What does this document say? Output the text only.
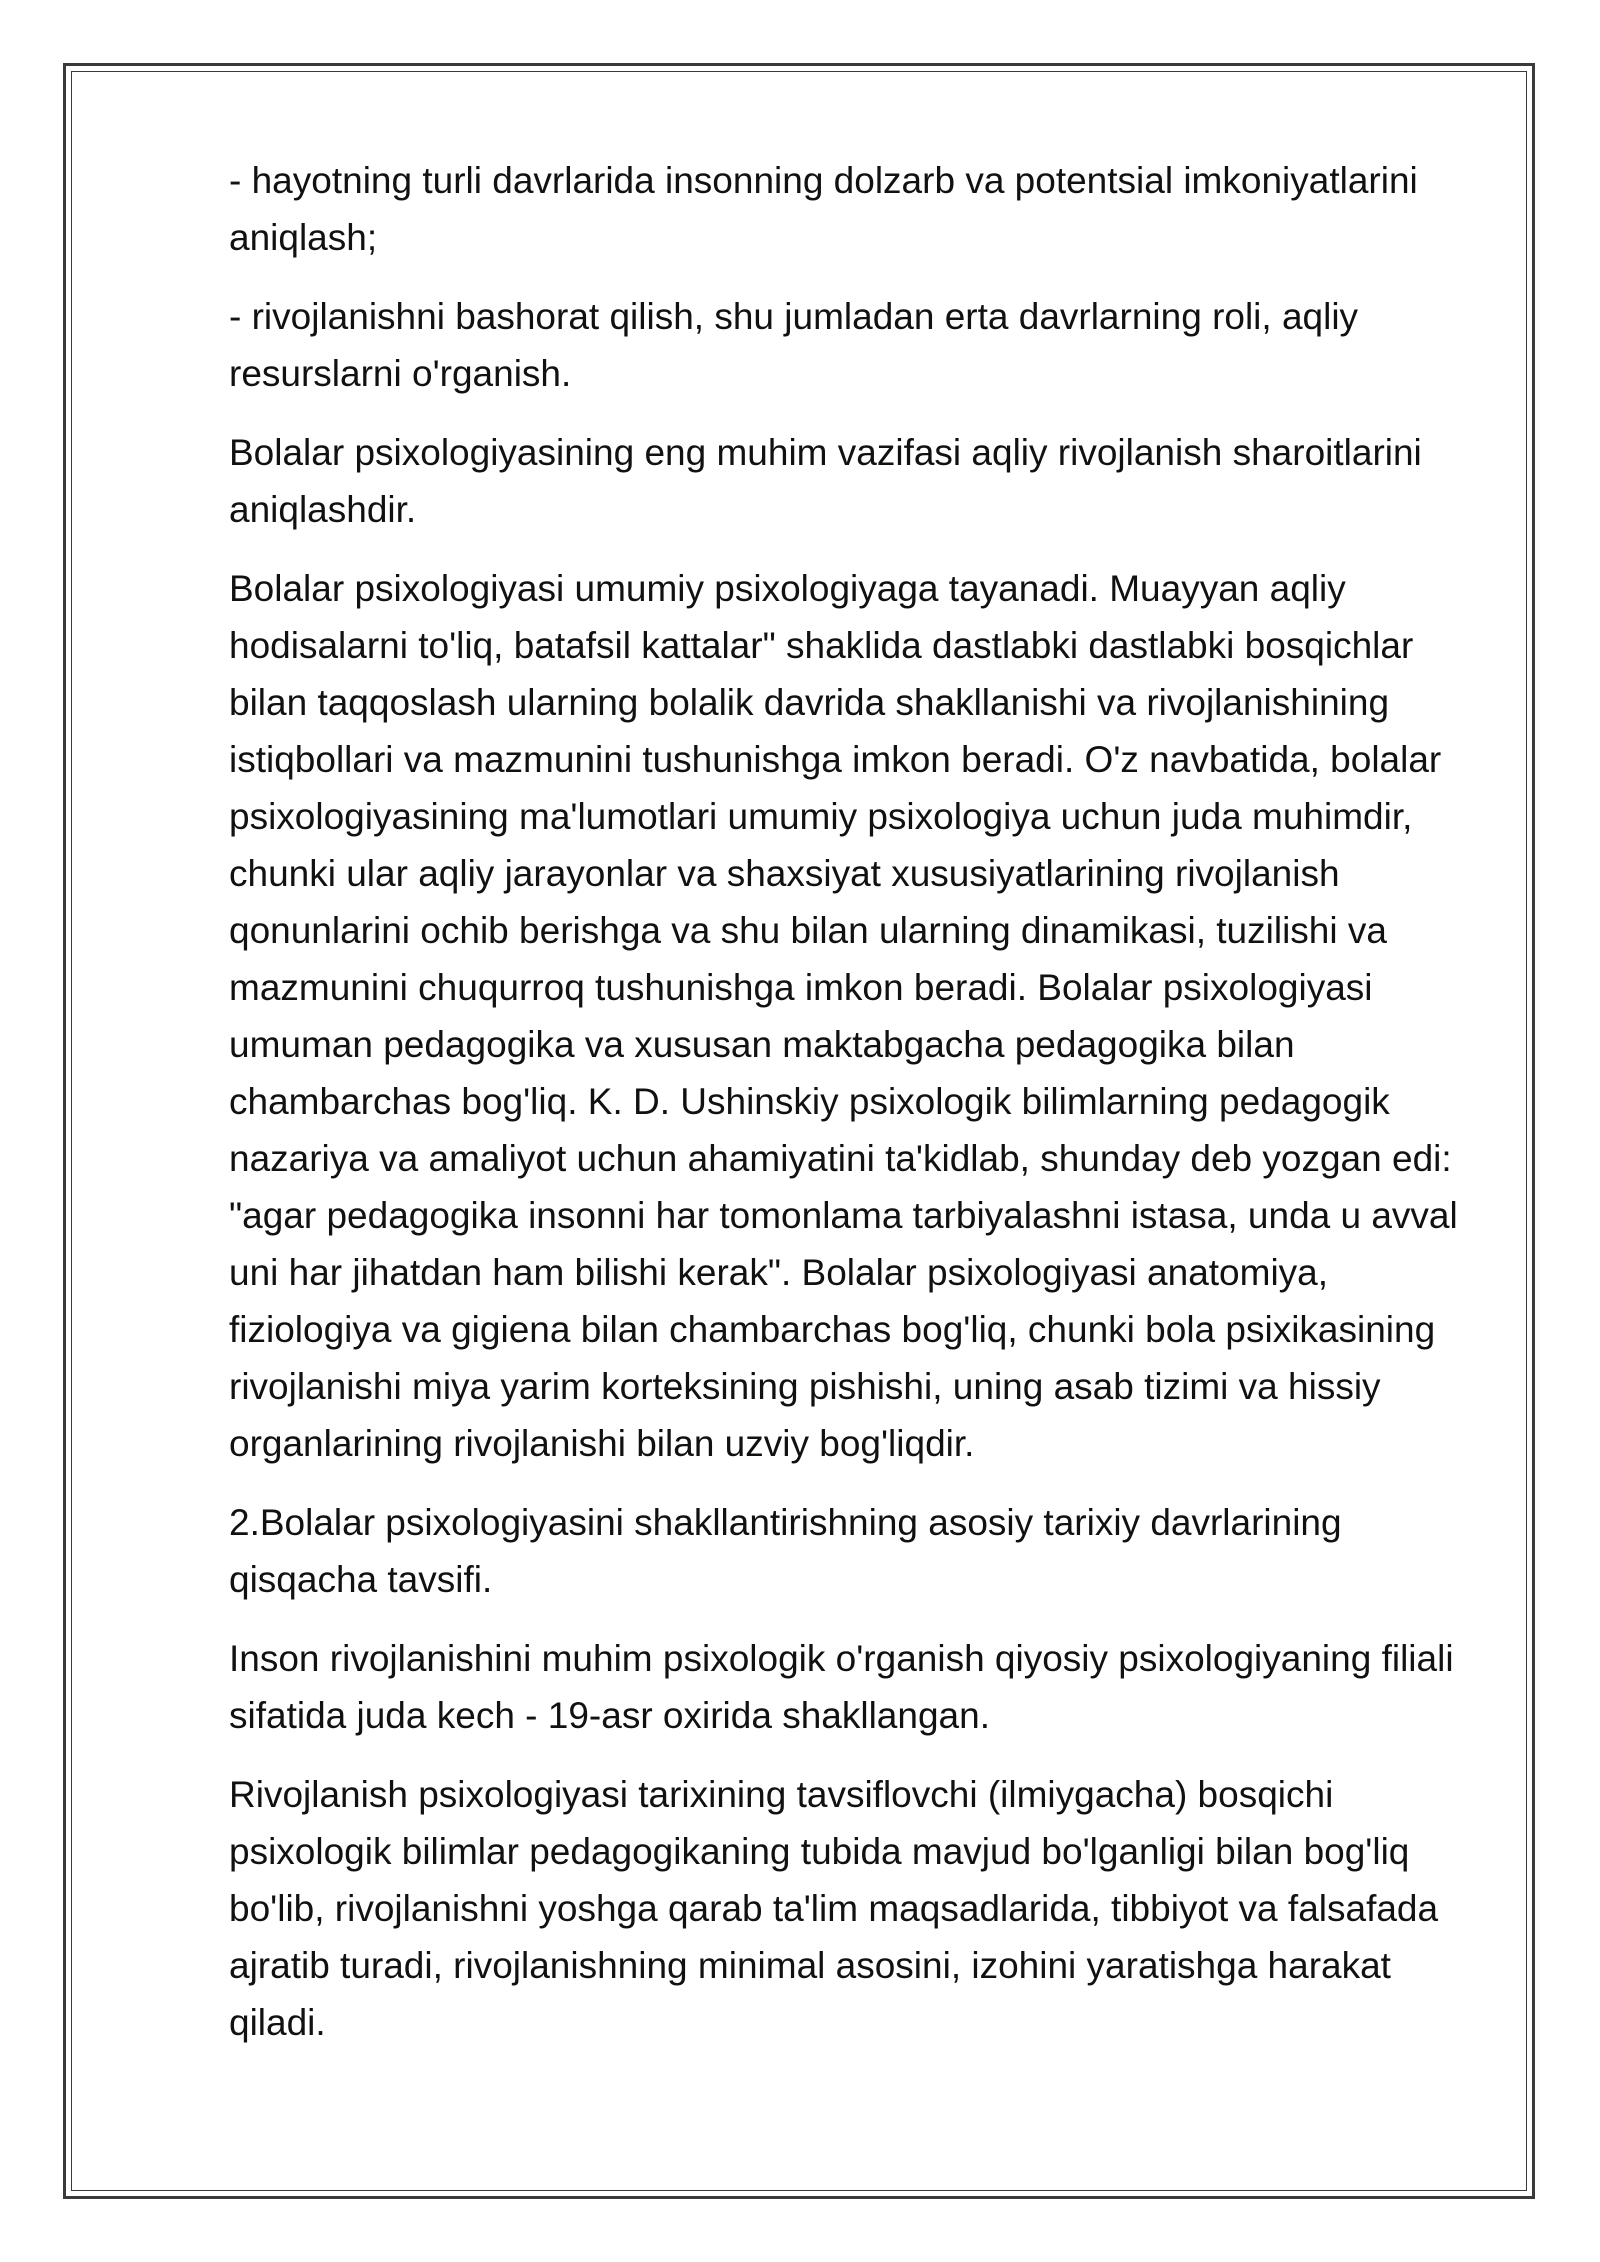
- hayotning turli davrlarida insonning dolzarb va potentsial imkoniyatlarini aniqlash;

- rivojlanishni bashorat qilish, shu jumladan erta davrlarning roli, aqliy resurslarni o'rganish.

Bolalar psixologiyasining eng muhim vazifasi aqliy rivojlanish sharoitlarini aniqlashdir.

Bolalar psixologiyasi umumiy psixologiyaga tayanadi. Muayyan aqliy hodisalarni to'liq, batafsil kattalar" shaklida dastlabki dastlabki bosqichlar bilan taqqoslash ularning bolalik davrida shakllanishi va rivojlanishining istiqbollari va mazmunini tushunishga imkon beradi. O'z navbatida, bolalar psixologiyasining ma'lumotlari umumiy psixologiya uchun juda muhimdir, chunki ular aqliy jarayonlar va shaxsiyat xususiyatlarining rivojlanish qonunlarini ochib berishga va shu bilan ularning dinamikasi, tuzilishi va mazmunini chuqurroq tushunishga imkon beradi. Bolalar psixologiyasi umuman pedagogika va xususan maktabgacha pedagogika bilan chambarchas bog'liq. K. D. Ushinskiy psixologik bilimlarning pedagogik nazariya va amaliyot uchun ahamiyatini ta'kidlab, shunday deb yozgan edi: "agar pedagogika insonni har tomonlama tarbiyalashni istasa, unda u avval uni har jihatdan ham bilishi kerak". Bolalar psixologiyasi anatomiya, fiziologiya va gigiena bilan chambarchas bog'liq, chunki bola psixikasining rivojlanishi miya yarim korteksining pishishi, uning asab tizimi va hissiy organlarining rivojlanishi bilan uzviy bog'liqdir.

2.Bolalar psixologiyasini shakllantirishning asosiy tarixiy davrlarining qisqacha tavsifi.

Inson rivojlanishini muhim psixologik o'rganish qiyosiy psixologiyaning filiali sifatida juda kech - 19-asr oxirida shakllangan.

Rivojlanish psixologiyasi tarixining tavsiflovchi (ilmiygacha) bosqichi psixologik bilimlar pedagogikaning tubida mavjud bo'lganligi bilan bog'liq bo'lib, rivojlanishni yoshga qarab ta'lim maqsadlarida, tibbiyot va falsafada ajratib turadi, rivojlanishning minimal asosini, izohini yaratishga harakat qiladi.
